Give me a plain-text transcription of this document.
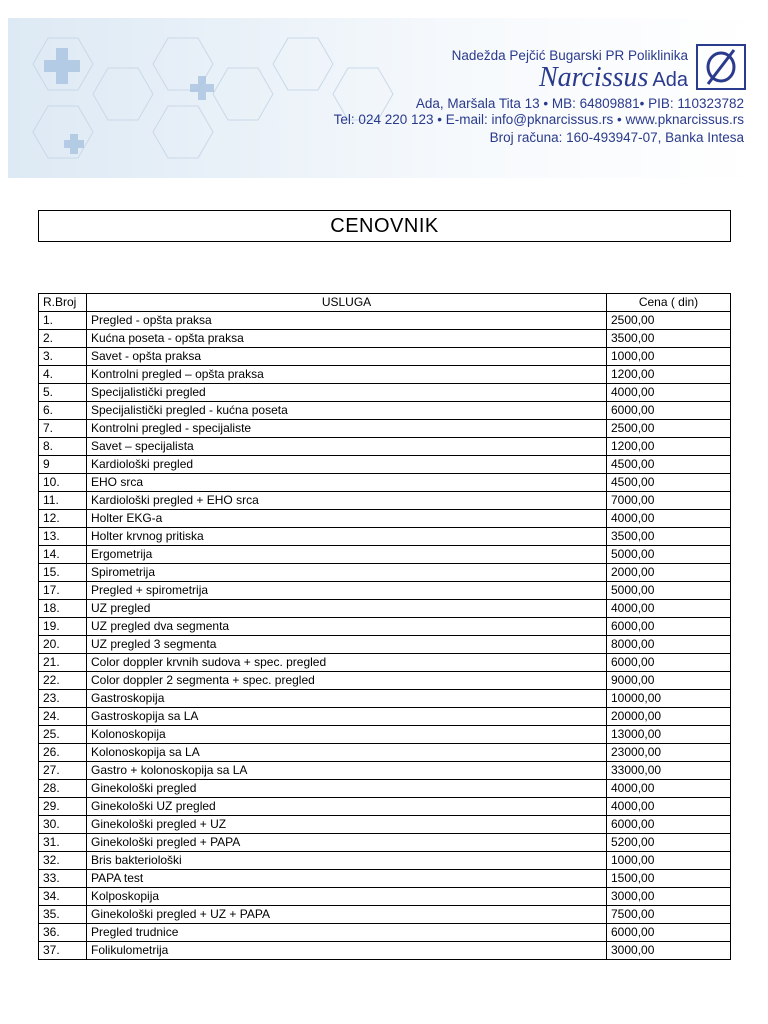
Nadežda Pejčić Bugarski PR Poliklinika
Narcissus Ada
Ada, Maršala Tita 13 • MB: 64809881• PIB: 110323782
Tel: 024 220 123 • E-mail: info@pknarcissus.rs • www.pknarcissus.rs
Broj računa: 160-493947-07, Banka Intesa
CENOVNIK
R.Broj	USLUGA	Cena ( din)
1.	Pregled - opšta praksa	2500,00
2.	Kućna poseta - opšta praksa	3500,00
3.	Savet - opšta praksa	1000,00
4.	Kontrolni pregled – opšta praksa	1200,00
5.	Specijalistički pregled	4000,00
6.	Specijalistički pregled - kućna poseta	6000,00
7.	Kontrolni pregled - specijaliste	2500,00
8.	Savet – specijalista	1200,00
9	Kardiološki pregled	4500,00
10.	EHO srca	4500,00
11.	Kardiološki pregled + EHO srca	7000,00
12.	Holter EKG-a	4000,00
13.	Holter krvnog pritiska	3500,00
14.	Ergometrija	5000,00
15.	Spirometrija	2000,00
17.	Pregled + spirometrija	5000,00
18.	UZ pregled	4000,00
19.	UZ pregled dva segmenta	6000,00
20.	UZ pregled 3 segmenta	8000,00
21.	Color doppler krvnih sudova + spec. pregled	6000,00
22.	Color doppler 2 segmenta + spec. pregled	9000,00
23.	Gastroskopija	10000,00
24.	Gastroskopija sa LA	20000,00
25.	Kolonoskopija	13000,00
26.	Kolonoskopija sa LA	23000,00
27.	Gastro + kolonoskopija sa LA	33000,00
28.	Ginekološki pregled	4000,00
29.	Ginekološki UZ pregled	4000,00
30.	Ginekološki pregled + UZ	6000,00
31.	Ginekološki pregled + PAPA	5200,00
32.	Bris bakteriološki	1000,00
33.	PAPA test	1500,00
34.	Kolposkopija	3000,00
35.	Ginekološki pregled + UZ + PAPA	7500,00
36.	Pregled trudnice	6000,00
37.	Folikulometrija	3000,00
